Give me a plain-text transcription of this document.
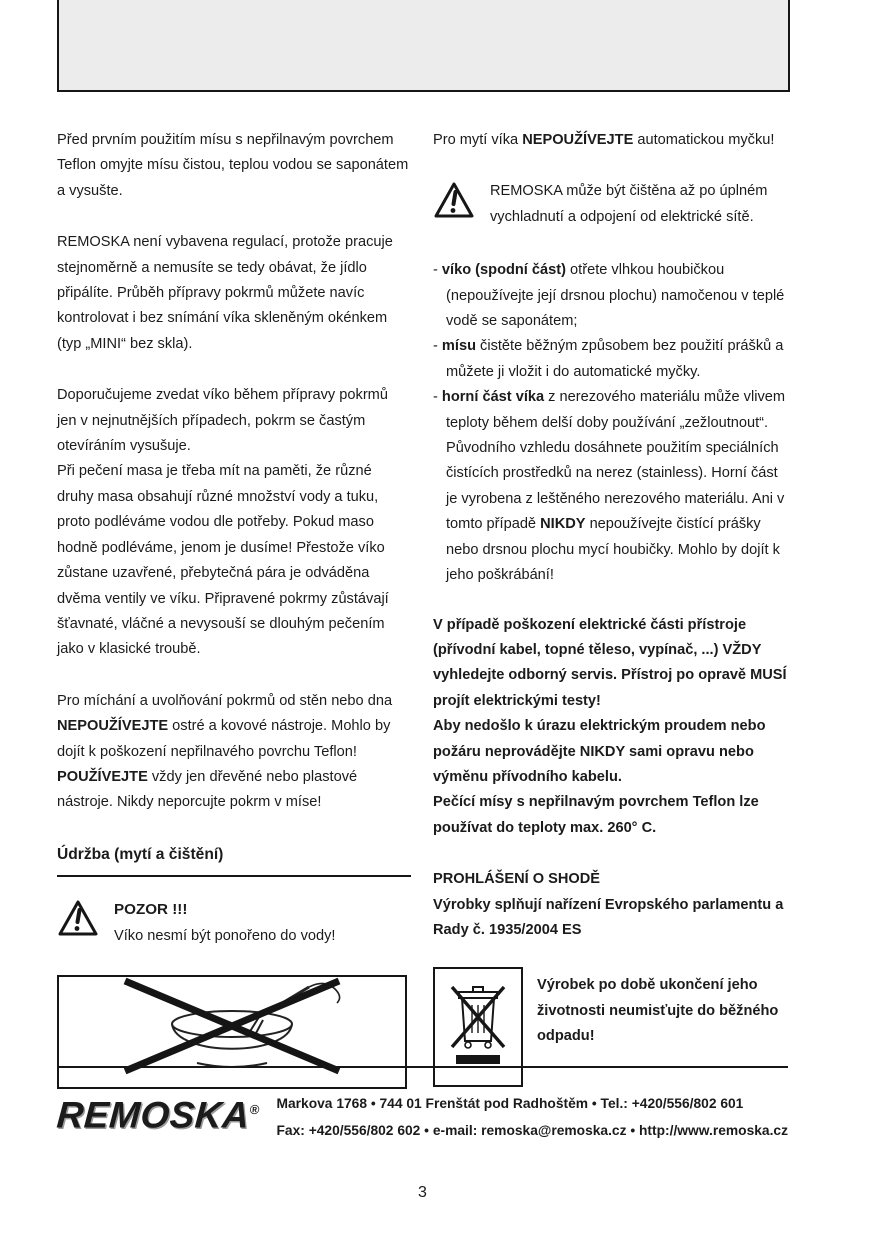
Před prvním použitím mísu s nepřilnavým povrchem Teflon omyjte mísu čistou, teplou vodou se saponátem a vysušte.

REMOSKA není vybavena regulací, protože pracuje stejnoměrně a nemusíte se tedy obávat, že jídlo připálíte. Průběh přípravy pokrmů můžete navíc kontrolovat i bez snímání víka skleněným okénkem (typ „MINI“ bez skla).

Doporučujeme zvedat víko během přípravy pokrmů jen v nejnutnějších případech, pokrm se častým otevíráním vysušuje.

Při pečení masa je třeba mít na paměti, že různé druhy masa obsahují různé množství vody a tuku, proto podléváme vodou dle potřeby. Pokud maso hodně podléváme, jenom je dusíme! Přestože víko zůstane uzavřené, přebytečná pára je odváděna dvěma ventily ve víku. Připravené pokrmy zůstávají šťavnaté, vláčné a nevysouší se dlouhým pečením jako v klasické troubě.

Pro míchání a uvolňování pokrmů od stěn nebo dna NEPOUŽÍVEJTE ostré a kovové nástroje. Mohlo by dojít k poškození nepřilnavého povrchu Teflon!
POUŽÍVEJTE vždy jen dřevěné nebo plastové nástroje. Nikdy neporcujte pokrm v míse!

Údržba (mytí a čištění)
POZOR !!!
Víko nesmí být ponořeno do vody!

Pro mytí víka NEPOUŽÍVEJTE automatickou myčku!

REMOSKA může být čištěna až po úplném vychladnutí a odpojení od elektrické sítě.

- víko (spodní část) otřete vlhkou houbičkou (nepoužívejte její drsnou plochu) namočenou v teplé vodě se saponátem;

- mísu čistěte běžným způsobem bez použití prášků a můžete ji vložit i do automatické myčky.

- horní část víka z nerezového materiálu může vlivem teploty během delší doby používání „zežloutnout“. Původního vzhledu dosáhnete použitím speciálních čistících prostředků na nerez (stainless). Horní část je vyrobena z leštěného nerezového materiálu. Ani v tomto případě NIKDY nepoužívejte čistící prášky nebo drsnou plochu mycí houbičky. Mohlo by dojít k jeho poškrábání!

V případě poškození elektrické části přístroje (přívodní kabel, topné těleso, vypínač, ...) VŽDY vyhledejte odborný servis. Přístroj po opravě MUSÍ projít elektrickými testy!

Aby nedošlo k úrazu elektrickým proudem nebo požáru neprovádějte NIKDY sami opravu nebo výměnu přívodního kabelu.

Pečící mísy s nepřilnavým povrchem Teflon lze používat do teploty max. 260° C.

PROHLÁŠENÍ O SHODĚ

Výrobky splňují nařízení Evropského parlamentu a Rady č. 1935/2004 ES

Výrobek po době ukončení jeho životnosti neumisťujte do běžného odpadu!
REMOSKA® Markova 1768 • 744 01 Frenštát pod Radhoštěm • Tel.: +420/556/802 601
Fax: +420/556/802 602 • e-mail: remoska@remoska.cz • http://www.remoska.cz
3
